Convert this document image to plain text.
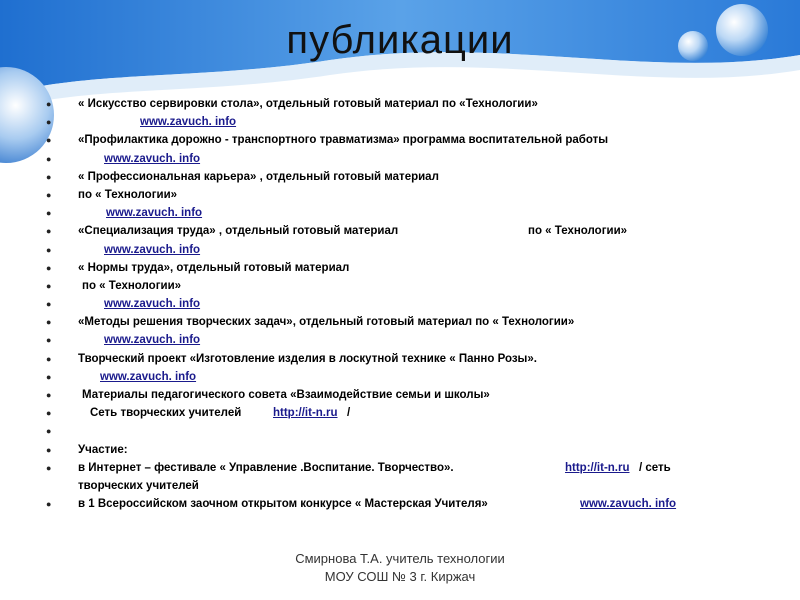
публикации
● « Искусство сервировки стола», отдельный готовый материал по «Технологии»
●	www.zavuch. info
● «Профилактика дорожно - транспортного травматизма» программа воспитательной работы
●	www.zavuch. info
● « Профессиональная карьера» , отдельный готовый материал
● по « Технологии»
●	www.zavuch. info
● «Специализация труда» , отдельный готовый материал	по « Технологии»
●	www.zavuch. info
● « Нормы труда», отдельный готовый материал
●	по « Технологии»
●	www.zavuch. info
● «Методы решения творческих задач», отдельный готовый материал по « Технологии»
●	www.zavuch. info
● Творческий проект «Изготовление изделия в лоскутной технике « Панно Розы».
●	www.zavuch. info
●	Материалы педагогического совета «Взаимодействие семьи и школы»
●	Сеть творческих учителей	http://it-n.ru /
●
● Участие:
● в Интернет – фестивале « Управление .Воспитание. Творчество».	http://it-n.ru / сеть
творческих учителей
● в 1 Всероссийском заочном открытом конкурсе « Мастерская Учителя»	www.zavuch. info
Смирнова Т.А. учитель технологии
МОУ СОШ № 3 г. Киржач
